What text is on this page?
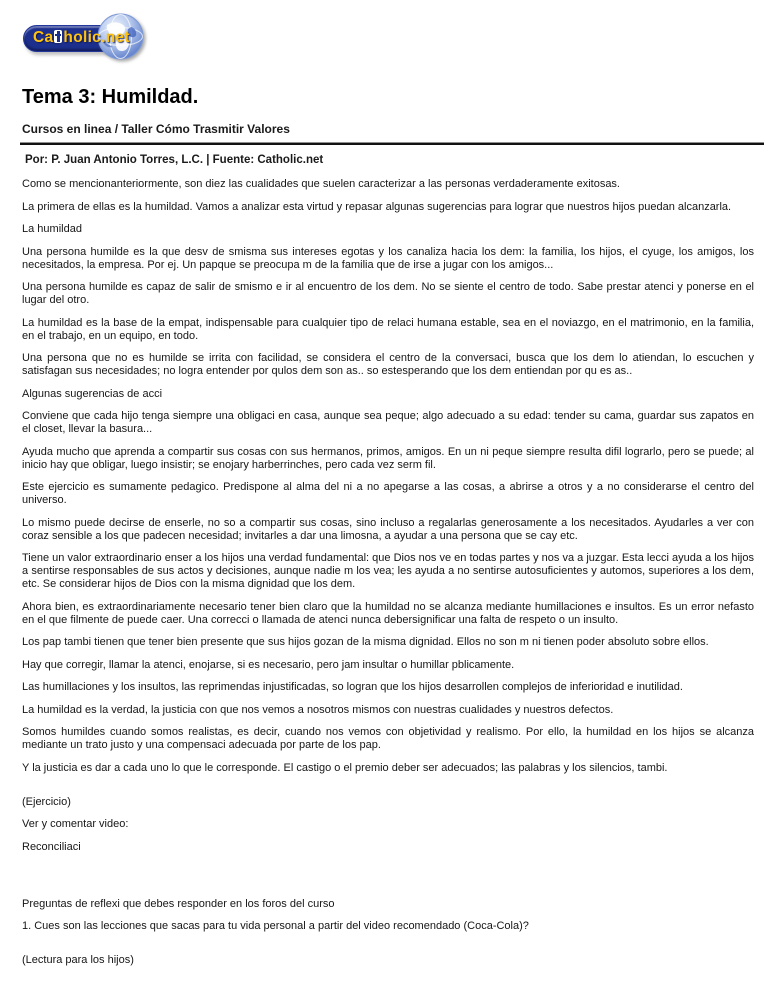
Ca holic.net
Tema 3: Humildad.
Cursos en linea / Taller Cómo Trasmitir Valores
Por: P. Juan Antonio Torres, L.C. | Fuente: Catholic.net

Como se mencionanteriormente, son diez las cualidades que suelen caracterizar a las personas verdaderamente exitosas.

La primera de ellas es la humildad. Vamos a analizar esta virtud y repasar algunas sugerencias para lograr que nuestros hijos puedan alcanzarla.

La humildad

Una persona humilde es la que desv de smisma sus intereses egotas y los canaliza hacia los dem: la familia, los hijos, el cyuge, los amigos, los necesitados, la empresa. Por ej. Un papque se preocupa m de la familia que de irse a jugar con los amigos...

Una persona humilde es capaz de salir de smismo e ir al encuentro de los dem. No se siente el centro de todo. Sabe prestar atenci y ponerse en el lugar del otro.

La humildad es la base de la empat, indispensable para cualquier tipo de relaci humana estable, sea en el noviazgo, en el matrimonio, en la familia, en el trabajo, en un equipo, en todo.

Una persona que no es humilde se irrita con facilidad, se considera el centro de la conversaci, busca que los dem lo atiendan, lo escuchen y satisfagan sus necesidades; no logra entender por qulos dem son as.. so estesperando que los dem entiendan por qu es as..

Algunas sugerencias de acci

Conviene que cada hijo tenga siempre una obligaci en casa, aunque sea peque; algo adecuado a su edad: tender su cama, guardar sus zapatos en el closet, llevar la basura...

Ayuda mucho que aprenda a compartir sus cosas con sus hermanos, primos, amigos. En un ni peque siempre resulta difil lograrlo, pero se puede; al inicio hay que obligar, luego insistir; se enojary harberrinches, pero cada vez serm fil.

Este ejercicio es sumamente pedagico. Predispone al alma del ni a no apegarse a las cosas, a abrirse a otros y a no considerarse el centro del universo.

Lo mismo puede decirse de enserle, no so a compartir sus cosas, sino incluso a regalarlas generosamente a los necesitados. Ayudarles a ver con coraz sensible a los que padecen necesidad; invitarles a dar una limosna, a ayudar a una persona que se cay etc.

Tiene un valor extraordinario enser a los hijos una verdad fundamental: que Dios nos ve en todas partes y nos va a juzgar. Esta lecci ayuda a los hijos a sentirse responsables de sus actos y decisiones, aunque nadie m los vea; les ayuda a no sentirse autosuficientes y automos, superiores a los dem, etc. Se considerar hijos de Dios con la misma dignidad que los dem.

Ahora bien, es extraordinariamente necesario tener bien claro que la humildad no se alcanza mediante humillaciones e insultos. Es un error nefasto en el que filmente de puede caer. Una correcci o llamada de atenci nunca debersignificar una falta de respeto o un insulto.

Los pap tambi tienen que tener bien presente que sus hijos gozan de la misma dignidad. Ellos no son m ni tienen poder absoluto sobre ellos.

Hay que corregir, llamar la atenci, enojarse, si es necesario, pero jam insultar o humillar pblicamente.

Las humillaciones y los insultos, las reprimendas injustificadas, so logran que los hijos desarrollen complejos de inferioridad e inutilidad.

La humildad es la verdad, la justicia con que nos vemos a nosotros mismos con nuestras cualidades y nuestros defectos.

Somos humildes cuando somos realistas, es decir, cuando nos vemos con objetividad y realismo. Por ello, la humildad en los hijos se alcanza mediante un trato justo y una compensaci adecuada por parte de los pap.

Y la justicia es dar a cada uno lo que le corresponde. El castigo o el premio deber ser adecuados; las palabras y los silencios, tambi.

(Ejercicio)

Ver y comentar video:

Reconciliaci

Preguntas de reflexi que debes responder en los foros del curso

1. Cues son las lecciones que sacas para tu vida personal a partir del video recomendado (Coca-Cola)?

(Lectura para los hijos)
